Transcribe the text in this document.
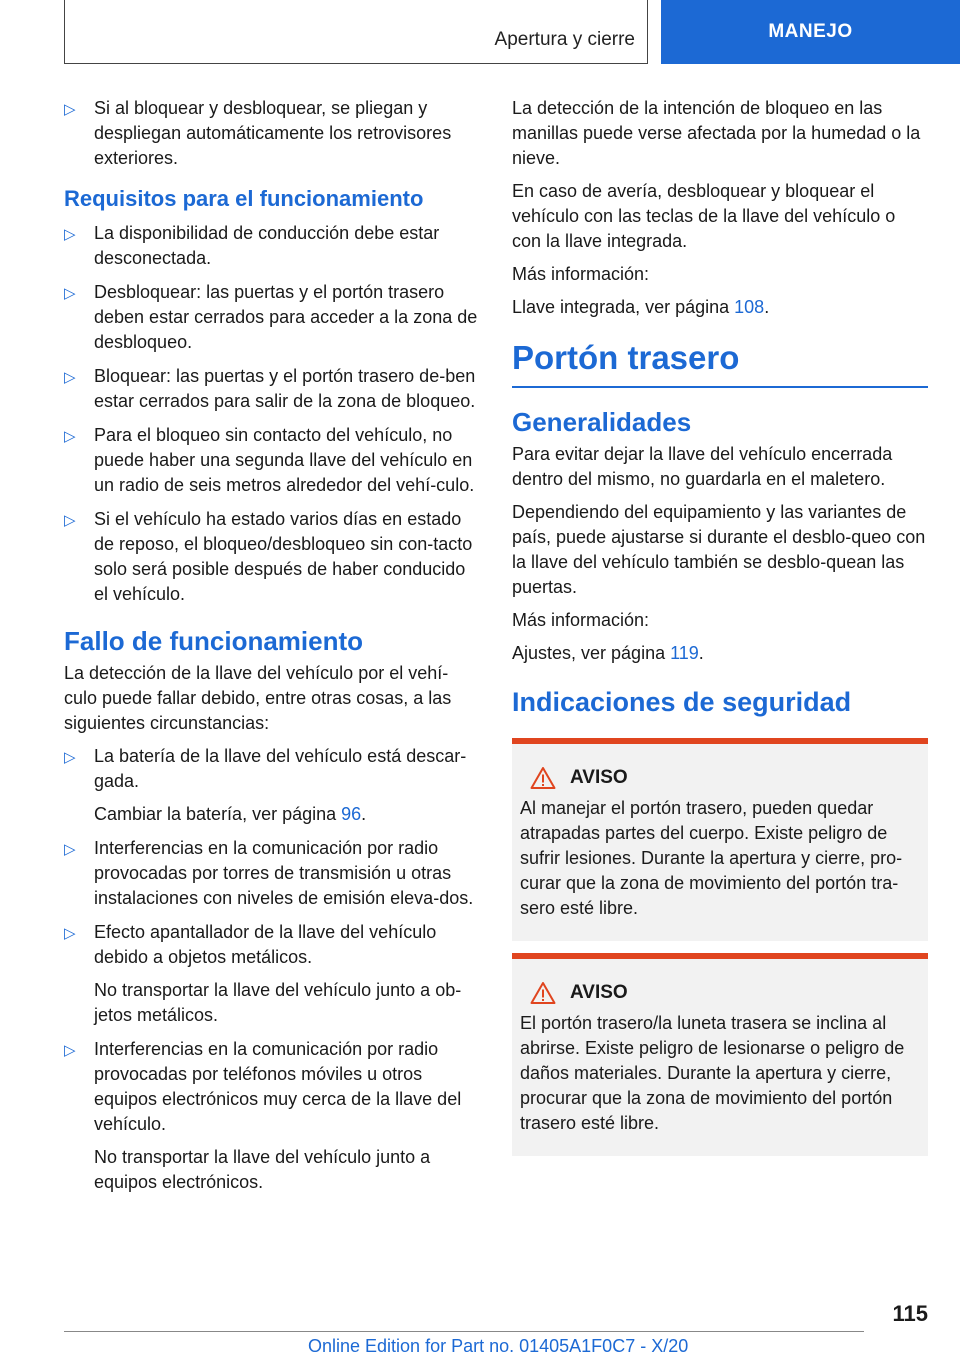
Apertura y cierre	MANEJO
▷ Si al bloquear y desbloquear, se pliegan y despliegan automáticamente los retrovisores exteriores.

Requisitos para el funcionamiento
▷ La disponibilidad de conducción debe estar desconectada.

▷ Desbloquear: las puertas y el portón trasero deben estar cerrados para acceder a la zona de desbloqueo.

▷ Bloquear: las puertas y el portón trasero de‐ben estar cerrados para salir de la zona de bloqueo.

▷ Para el bloqueo sin contacto del vehículo, no puede haber una segunda llave del vehículo en un radio de seis metros alrededor del vehí‐culo.

▷ Si el vehículo ha estado varios días en estado de reposo, el bloqueo/desbloqueo sin con‐tacto solo será posible después de haber conducido el vehículo.

Fallo de funcionamiento

La detección de la llave del vehículo por el vehí‐culo puede fallar debido, entre otras cosas, a las siguientes circunstancias:

▷ La batería de la llave del vehículo está descar‐gada.

Cambiar la batería, ver página 96.

▷ Interferencias en la comunicación por radio provocadas por torres de transmisión u otras instalaciones con niveles de emisión eleva‐dos.

▷ Efecto apantallador de la llave del vehículo debido a objetos metálicos.

No transportar la llave del vehículo junto a ob‐jetos metálicos.

▷ Interferencias en la comunicación por radio provocadas por teléfonos móviles u otros equipos electrónicos muy cerca de la llave del vehículo.

No transportar la llave del vehículo junto a equipos electrónicos.

La detección de la intención de bloqueo en las manillas puede verse afectada por la humedad o la nieve.

En caso de avería, desbloquear y bloquear el vehículo con las teclas de la llave del vehículo o con la llave integrada.

Más información:

Llave integrada, ver página 108.

Portón trasero
Generalidades

Para evitar dejar la llave del vehículo encerrada dentro del mismo, no guardarla en el maletero.

Dependiendo del equipamiento y las variantes de país, puede ajustarse si durante el desblo‐queo con la llave del vehículo también se desblo‐quean las puertas.

Más información:

Ajustes, ver página 119.

Indicaciones de seguridad
AVISO

Al manejar el portón trasero, pueden quedar atrapadas partes del cuerpo. Existe peligro de sufrir lesiones. Durante la apertura y cierre, pro‐curar que la zona de movimiento del portón tra‐sero esté libre.

AVISO

El portón trasero/la luneta trasera se inclina al abrirse. Existe peligro de lesionarse o peligro de daños materiales. Durante la apertura y cierre, procurar que la zona de movimiento del portón trasero esté libre.

115
Online Edition for Part no. 01405A1F0C7 - X/20
